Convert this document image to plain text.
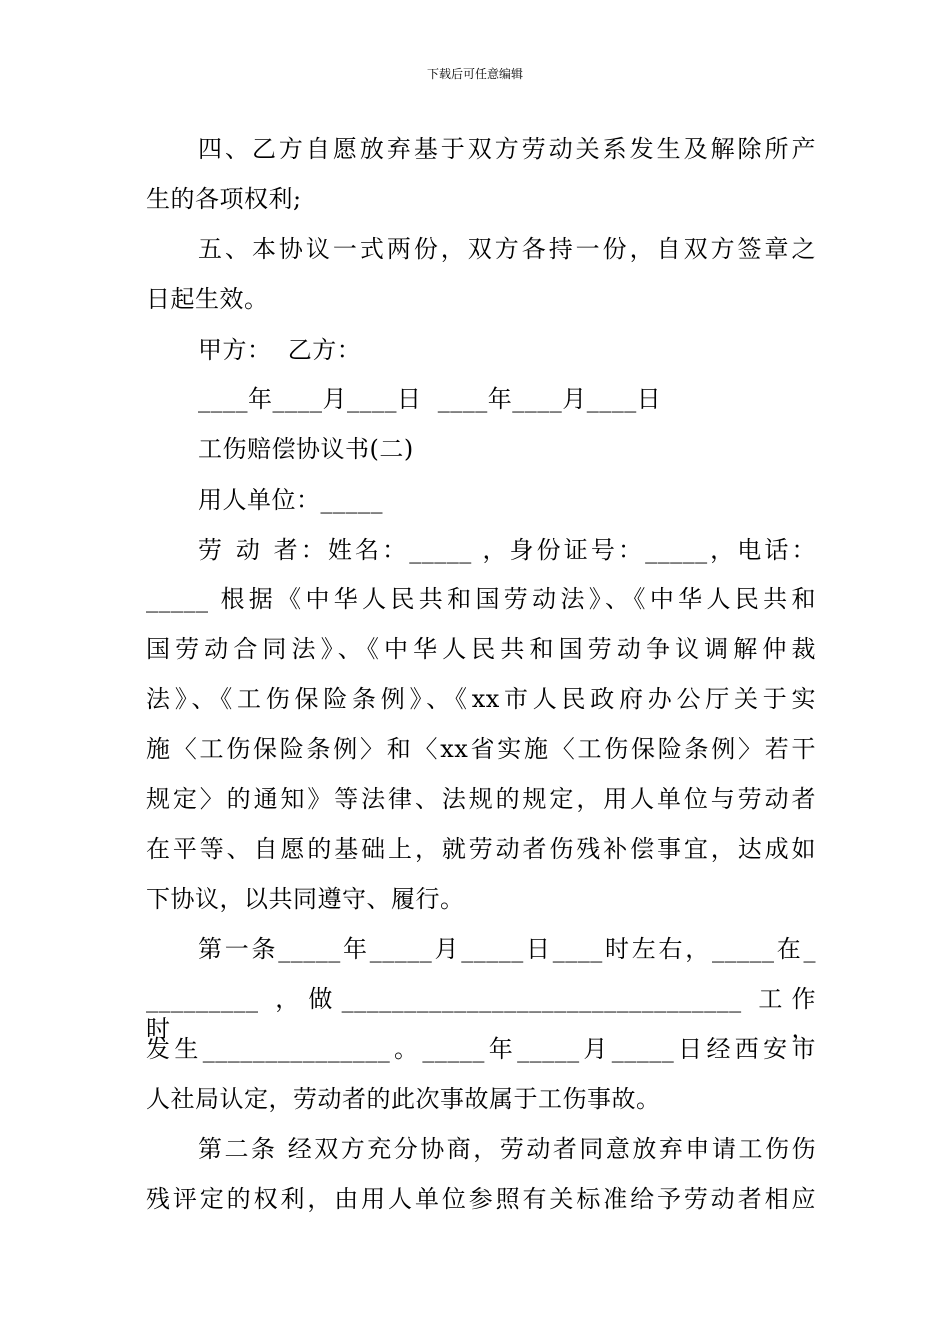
下载后可任意编辑
四、乙方自愿放弃基于双方劳动关系发生及解除所产
生的各项权利;
五、本协议一式两份，双方各持一份，自双方签章之
日起生效。
甲方：  乙方：
____年____月____日  ____年____月____日
工伤赔偿协议书(二)
用人单位：_____
劳 动 者：姓名：_____ ，身份证号：_____，电话：
_____ 根据《中华人民共和国劳动法》、《中华人民共和
国劳动合同法》、《中华人民共和国劳动争议调解仲裁
法》、《工伤保险条例》、《xx市人民政府办公厅关于实
施〈工伤保险条例〉和〈xx省实施〈工伤保险条例〉若干
规定〉的通知》等法律、法规的规定，用人单位与劳动者
在平等、自愿的基础上，就劳动者伤残补偿事宜，达成如
下协议，以共同遵守、履行。
第一条_____年_____月_____日____时左右，_____在_
_________ ，做________________________________ 工作时，
发生_______________。_____年_____月_____日经西安市
人社局认定，劳动者的此次事故属于工伤事故。
第二条 经双方充分协商，劳动者同意放弃申请工伤伤
残评定的权利，由用人单位参照有关标准给予劳动者相应
